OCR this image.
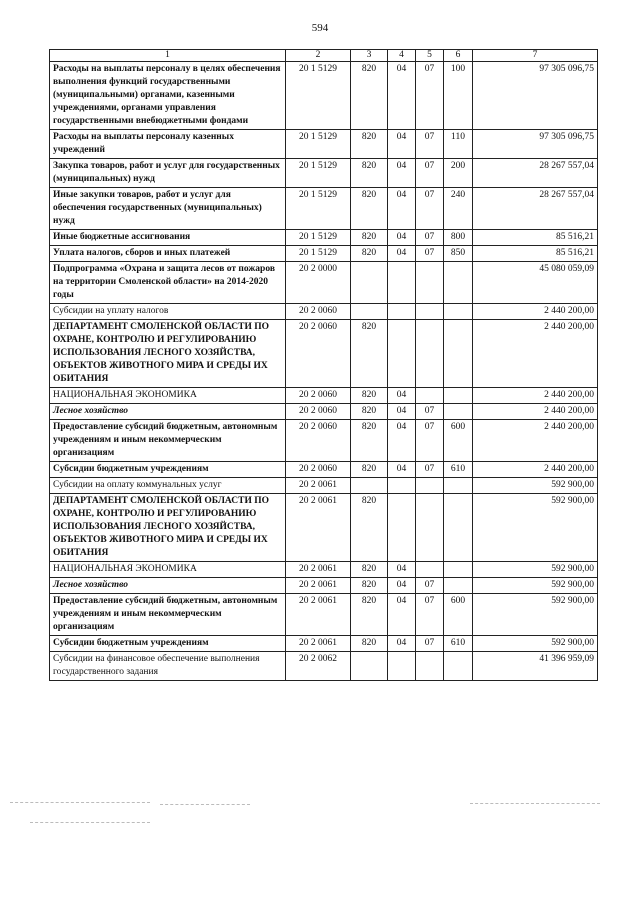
594
1	2	3	4	5	6	7
Расходы на выплаты персоналу в целях обеспечения выполнения функций государственными (муниципальными) органами, казенными учреждениями, органами управления государственными внебюджетными фондами	20 1 5129	820	04	07	100	97 305 096,75
Расходы на выплаты персоналу казенных учреждений	20 1 5129	820	04	07	110	97 305 096,75
Закупка товаров, работ и услуг для государственных (муниципальных) нужд	20 1 5129	820	04	07	200	28 267 557,04
Иные закупки товаров, работ и услуг для обеспечения государственных (муниципальных) нужд	20 1 5129	820	04	07	240	28 267 557,04
Иные бюджетные ассигнования	20 1 5129	820	04	07	800	85 516,21
Уплата налогов, сборов и иных платежей	20 1 5129	820	04	07	850	85 516,21
Подпрограмма «Охрана и защита лесов от пожаров на территории Смоленской области» на 2014-2020 годы	20 2 0000					45 080 059,09
Субсидии на уплату налогов	20 2 0060					2 440 200,00
ДЕПАРТАМЕНТ СМОЛЕНСКОЙ ОБЛАСТИ ПО ОХРАНЕ, КОНТРОЛЮ И РЕГУЛИРОВАНИЮ ИСПОЛЬЗОВАНИЯ ЛЕСНОГО ХОЗЯЙСТВА, ОБЪЕКТОВ ЖИВОТНОГО МИРА И СРЕДЫ ИХ ОБИТАНИЯ	20 2 0060	820				2 440 200,00
НАЦИОНАЛЬНАЯ ЭКОНОМИКА	20 2 0060	820	04			2 440 200,00
Лесное хозяйство	20 2 0060	820	04	07		2 440 200,00
Предоставление субсидий бюджетным, автономным учреждениям и иным некоммерческим организациям	20 2 0060	820	04	07	600	2 440 200,00
Субсидии бюджетным учреждениям	20 2 0060	820	04	07	610	2 440 200,00
Субсидии на оплату коммунальных услуг	20 2 0061					592 900,00
ДЕПАРТАМЕНТ СМОЛЕНСКОЙ ОБЛАСТИ ПО ОХРАНЕ, КОНТРОЛЮ И РЕГУЛИРОВАНИЮ ИСПОЛЬЗОВАНИЯ ЛЕСНОГО ХОЗЯЙСТВА, ОБЪЕКТОВ ЖИВОТНОГО МИРА И СРЕДЫ ИХ ОБИТАНИЯ	20 2 0061	820				592 900,00
НАЦИОНАЛЬНАЯ ЭКОНОМИКА	20 2 0061	820	04			592 900,00
Лесное хозяйство	20 2 0061	820	04	07		592 900,00
Предоставление субсидий бюджетным, автономным учреждениям и иным некоммерческим организациям	20 2 0061	820	04	07	600	592 900,00
Субсидии бюджетным учреждениям	20 2 0061	820	04	07	610	592 900,00
Субсидии на финансовое обеспечение выполнения государственного задания	20 2 0062					41 396 959,09
